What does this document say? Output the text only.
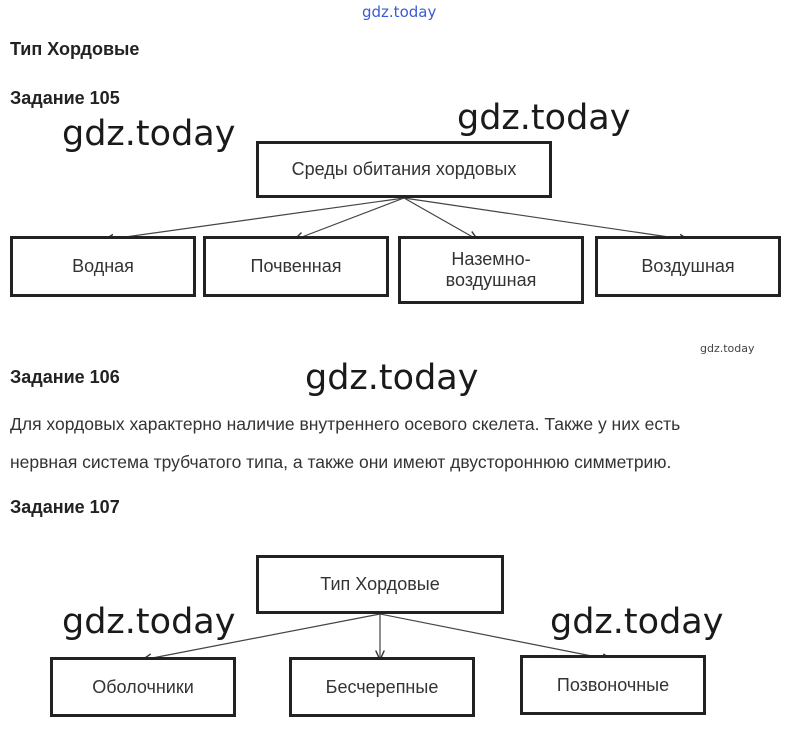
gdz.today
gdz.today	gdz.today
gdz.today
gdz.today
gdz.today	gdz.today
Тип Хордовые
Задание 105
Среды обитания хордовых
Водная	Почвенная	Наземно-
воздушная
Воздушная
Задание 106
Для хордовых характерно наличие внутреннего осевого скелета. Также у них есть
нервная система трубчатого типа, а также они имеют двустороннюю симметрию.
Задание 107
Тип Хордовые
Оболочники	Бесчерепные	Позвоночные
